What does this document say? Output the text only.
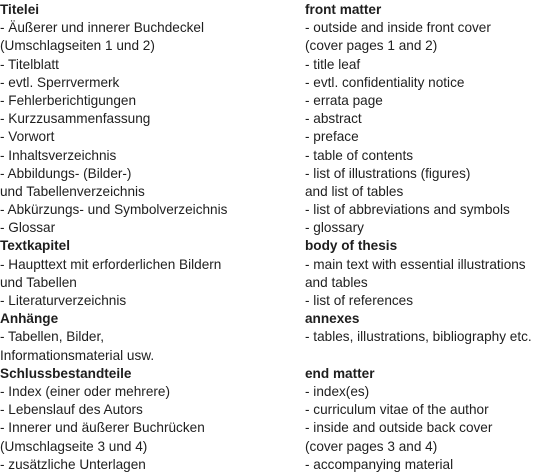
Titelei
- Äußerer und innerer Buchdeckel
(Umschlagseiten 1 und 2)
- Titelblatt
- evtl. Sperrvermerk
- Fehlerberichtigungen
- Kurzzusammenfassung
- Vorwort
- Inhaltsverzeichnis
- Abbildungs- (Bilder-)
und Tabellenverzeichnis
- Abkürzungs- und Symbolverzeichnis
- Glossar
Textkapitel
- Haupttext mit erforderlichen Bildern
und Tabellen
- Literaturverzeichnis
Anhänge
- Tabellen, Bilder,
Informationsmaterial usw.
Schlussbestandteile
- Index (einer oder mehrere)
- Lebenslauf des Autors
- Innerer und äußerer Buchrücken
(Umschlagseite 3 und 4)
- zusätzliche Unterlagen
front matter
- outside and inside front cover
(cover pages 1 and 2)
- title leaf
- evtl. confidentiality notice
- errata page
- abstract
- preface
- table of contents
- list of illustrations (figures)
and list of tables
- list of abbreviations and symbols
- glossary
body of thesis
- main text with essential illustrations
and tables
- list of references
annexes
- tables, illustrations, bibliography etc.
end matter
- index(es)
- curriculum vitae of the author
- inside and outside back cover
(cover pages 3 and 4)
- accompanying material
